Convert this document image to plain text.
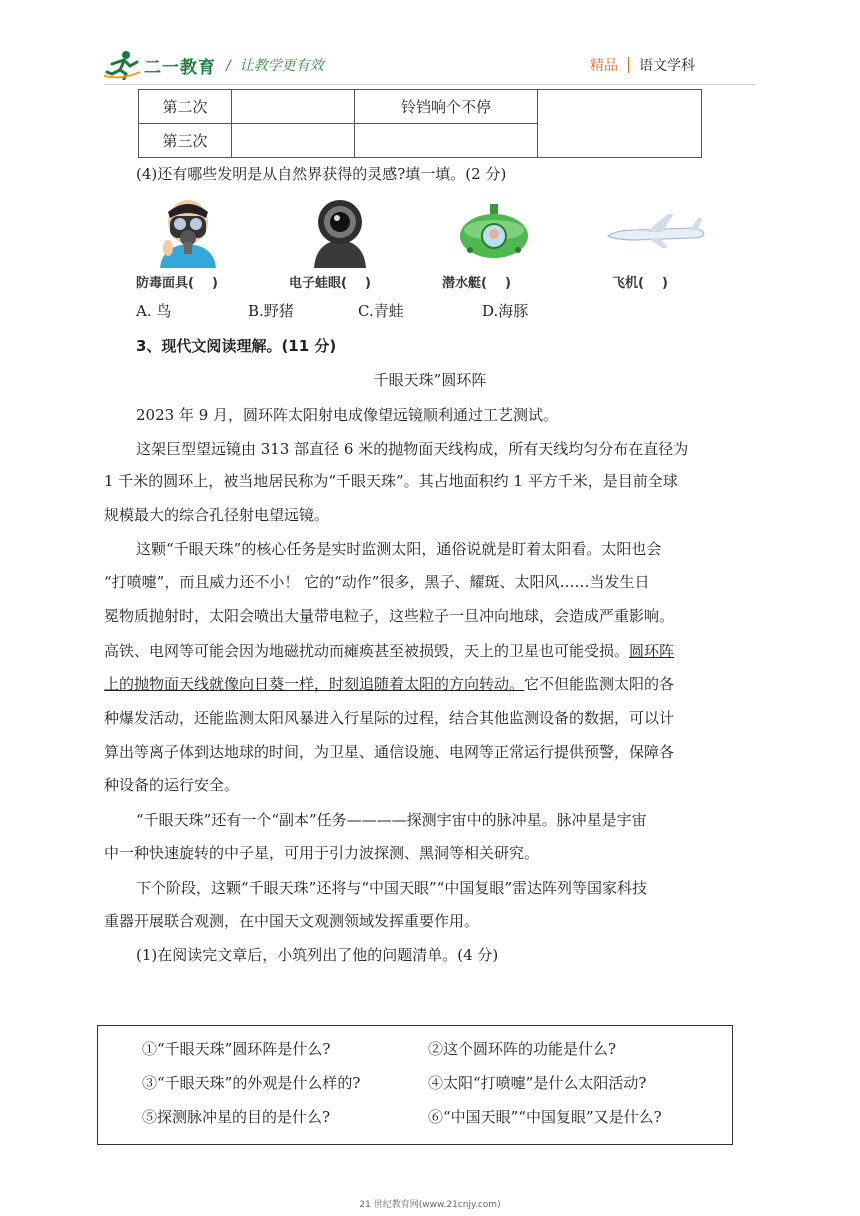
二一教育 /  让教学更有效	精品 语文学科
第二次		铃铛响个不停	
第三次			
(4)还有哪些发明是从自然界获得的灵感?填一填。(2 分)
防毒面具(    )	电子蛙眼(    )	潜水艇(    )	飞机(    )
A. 鸟	B.野猪	C.青蛙	D.海豚
3、现代文阅读理解。(11 分)
千眼天珠”圆环阵
2023 年 9 月，圆环阵太阳射电成像望远镜顺利通过工艺测试。
这架巨型望远镜由 313 部直径 6 米的抛物面天线构成，所有天线均匀分布在直径为
1 千米的圆环上，被当地居民称为“千眼天珠”。其占地面积约 1 平方千米，是目前全球
规模最大的综合孔径射电望远镜。
这颗“千眼天珠”的核心任务是实时监测太阳，通俗说就是盯着太阳看。太阳也会
“打喷嚏”，而且威力还不小！ 它的“动作”很多，黑子、耀斑、太阳风……当发生日
冕物质抛射时，太阳会喷出大量带电粒子，这些粒子一旦冲向地球，会造成严重影响。
高铁、电网等可能会因为地磁扰动而瘫痪甚至被损毁，天上的卫星也可能受损。圆环阵
上的抛物面天线就像向日葵一样，时刻追随着太阳的方向转动。它不但能监测太阳的各
种爆发活动，还能监测太阳风暴进入行星际的过程，结合其他监测设备的数据，可以计
算出等离子体到达地球的时间，为卫星、通信设施、电网等正常运行提供预警，保障各
种设备的运行安全。
“千眼天珠”还有一个“副本”任务————探测宇宙中的脉冲星。脉冲星是宇宙
中一种快速旋转的中子星，可用于引力波探测、黑洞等相关研究。
下个阶段，这颗“千眼天珠”还将与“中国天眼”“中国复眼”雷达阵列等国家科技
重器开展联合观测，在中国天文观测领域发挥重要作用。
(1)在阅读完文章后，小筑列出了他的问题清单。(4 分)
①“千眼天珠”圆环阵是什么?	②这个圆环阵的功能是什么?
③“千眼天珠”的外观是什么样的?	④太阳“打喷嚏”是什么太阳活动?
⑤探测脉冲星的目的是什么?	⑥“中国天眼”“中国复眼”又是什么?
21 世纪教育网(www.21cnjy.com)
